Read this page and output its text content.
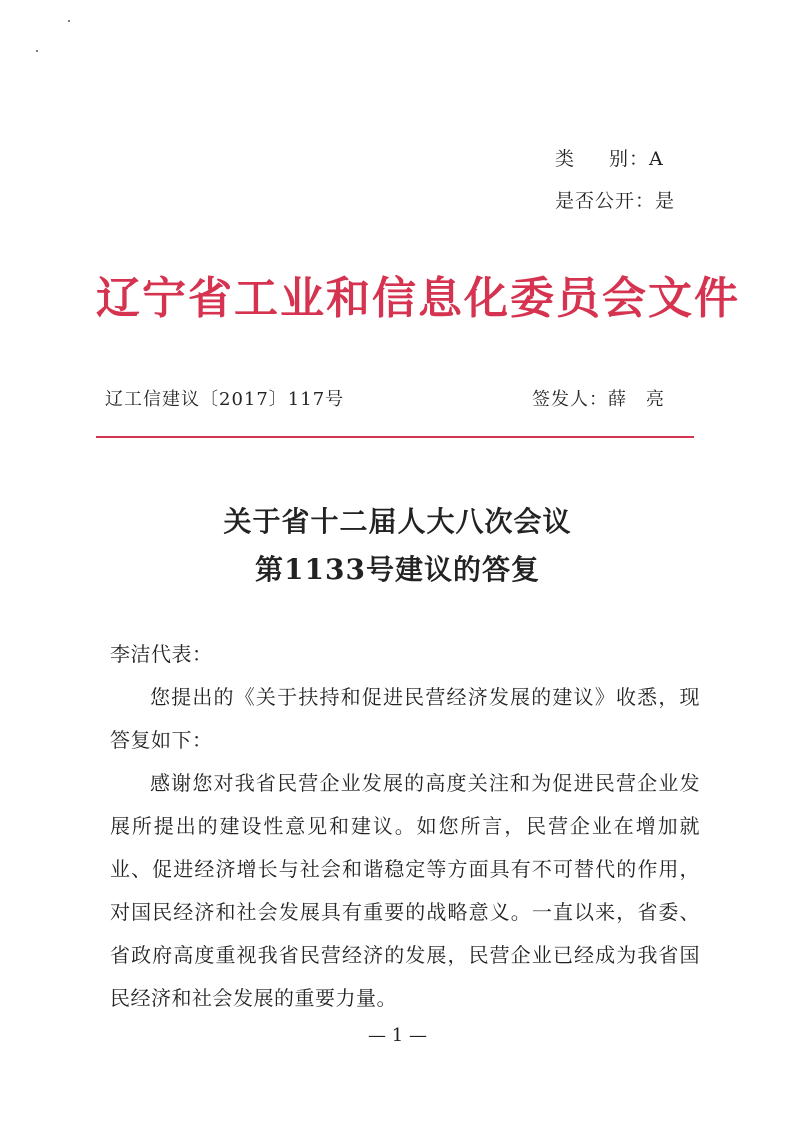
类 别：A
是否公开：是
辽宁省工业和信息化委员会文件
辽工信建议〔2017〕117号	签发人：薛　亮
关于省十二届人大八次会议
第1133号建议的答复

李洁代表：

您提出的《关于扶持和促进民营经济发展的建议》收悉，现答复如下：

感谢您对我省民营企业发展的高度关注和为促进民营企业发展所提出的建设性意见和建议。如您所言，民营企业在增加就业、促进经济增长与社会和谐稳定等方面具有不可替代的作用，对国民经济和社会发展具有重要的战略意义。一直以来，省委、省政府高度重视我省民营经济的发展，民营企业已经成为我省国民经济和社会发展的重要力量。

— 1 —
